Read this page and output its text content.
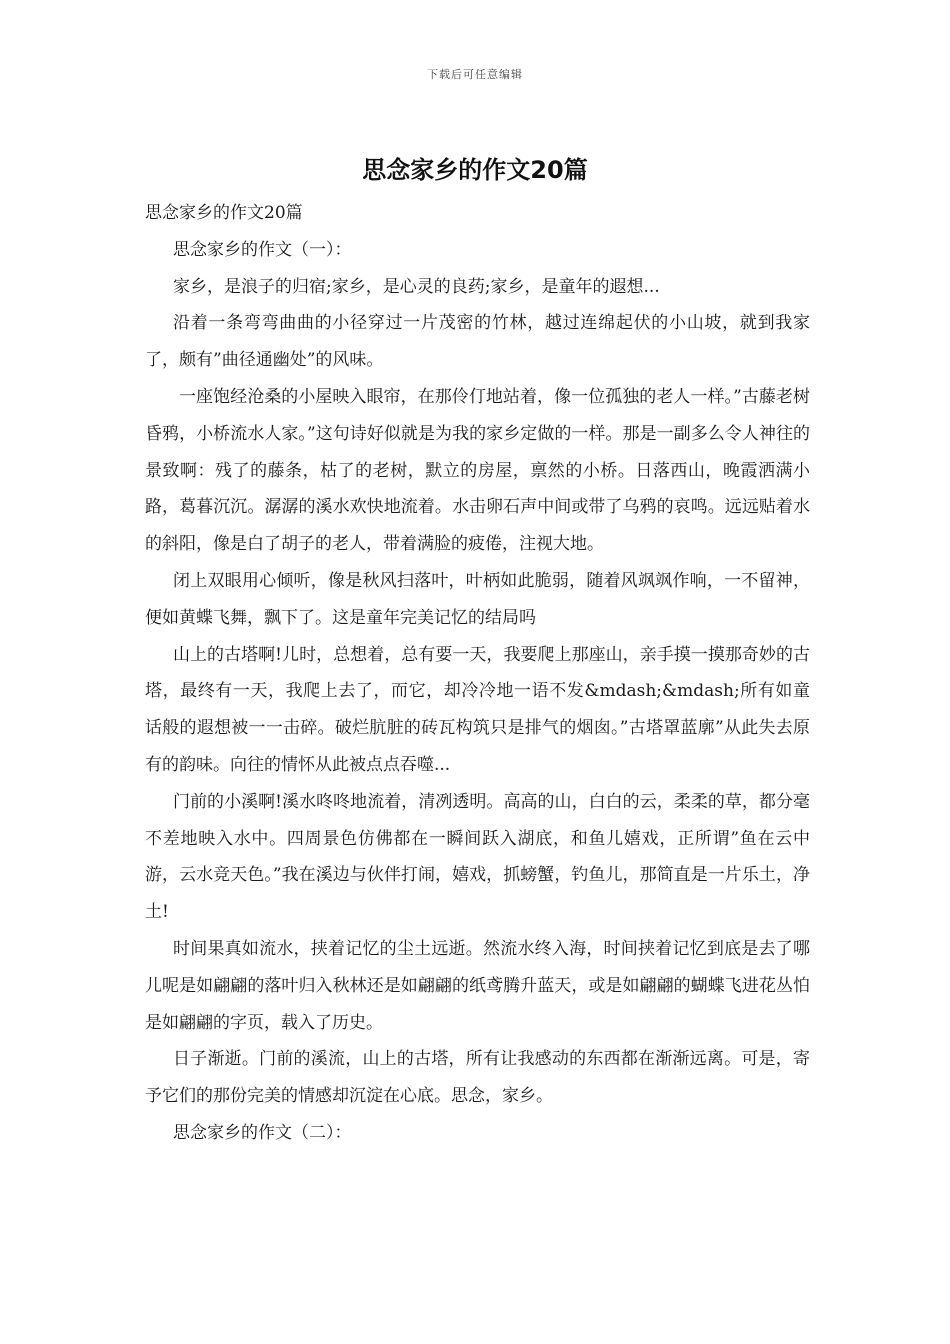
下载后可任意编辑
思念家乡的作文20篇

思念家乡的作文20篇

思念家乡的作文（一）：

家乡，是浪子的归宿;家乡，是心灵的良药;家乡，是童年的遐想...

沿着一条弯弯曲曲的小径穿过一片茂密的竹林，越过连绵起伏的小山坡，就到我家了，颇有”曲径通幽处”的风味。

一座饱经沧桑的小屋映入眼帘，在那伶仃地站着，像一位孤独的老人一样。”古藤老树昏鸦，小桥流水人家。”这句诗好似就是为我的家乡定做的一样。那是一副多么令人神往的景致啊：残了的藤条，枯了的老树，默立的房屋，禀然的小桥。日落西山，晚霞洒满小路，葛暮沉沉。潺潺的溪水欢快地流着。水击卵石声中间或带了乌鸦的哀鸣。远远贴着水的斜阳，像是白了胡子的老人，带着满脸的疲倦，注视大地。

闭上双眼用心倾听，像是秋风扫落叶，叶柄如此脆弱，随着风飒飒作响，一不留神，便如黄蝶飞舞，飘下了。这是童年完美记忆的结局吗

山上的古塔啊!儿时，总想着，总有要一天，我要爬上那座山，亲手摸一摸那奇妙的古塔，最终有一天，我爬上去了，而它，却冷冷地一语不发&mdash;&mdash;所有如童话般的遐想被一一击碎。破烂肮脏的砖瓦构筑只是排气的烟囱。”古塔罩蓝廓”从此失去原有的韵味。向往的情怀从此被点点吞噬...

门前的小溪啊!溪水咚咚地流着，清冽透明。高高的山，白白的云，柔柔的草，都分毫不差地映入水中。四周景色仿佛都在一瞬间跃入湖底，和鱼儿嬉戏，正所谓”鱼在云中游，云水竞天色。”我在溪边与伙伴打闹，嬉戏，抓螃蟹，钓鱼儿，那简直是一片乐土，净土!

时间果真如流水，挟着记忆的尘土远逝。然流水终入海，时间挟着记忆到底是去了哪儿呢是如翩翩的落叶归入秋林还是如翩翩的纸鸢腾升蓝天，或是如翩翩的蝴蝶飞进花丛怕是如翩翩的字页，载入了历史。

日子渐逝。门前的溪流，山上的古塔，所有让我感动的东西都在渐渐远离。可是，寄予它们的那份完美的情感却沉淀在心底。思念，家乡。

思念家乡的作文（二）：
